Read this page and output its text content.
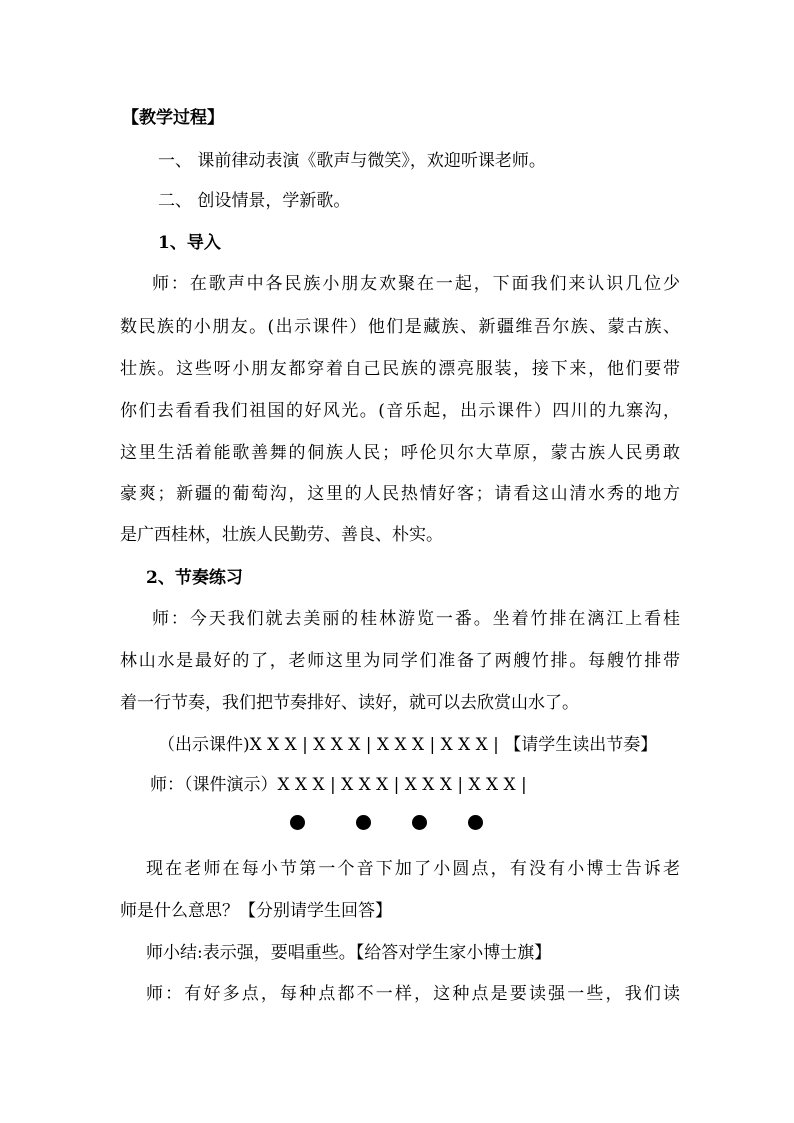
【教学过程】
一、 课前律动表演《歌声与微笑》，欢迎听课老师。
二、 创设情景，学新歌。
1、导入
师：在歌声中各民族小朋友欢聚在一起，下面我们来认识几位少
数民族的小朋友。(出示课件）他们是藏族、新疆维吾尔族、蒙古族、
壮族。这些呀小朋友都穿着自己民族的漂亮服装，接下来，他们要带
你们去看看我们祖国的好风光。(音乐起，出示课件）四川的九寨沟，
这里生活着能歌善舞的侗族人民；呼伦贝尔大草原，蒙古族人民勇敢
豪爽；新疆的葡萄沟，这里的人民热情好客；请看这山清水秀的地方
是广西桂林，壮族人民勤劳、善良、朴实。
2、节奏练习
师：今天我们就去美丽的桂林游览一番。坐着竹排在漓江上看桂
林山水是最好的了，老师这里为同学们准备了两艘竹排。每艘竹排带
着一行节奏，我们把节奏排好、读好，就可以去欣赏山水了。
（出示课件)X X X | X X X | X X X | X X X | 【请学生读出节奏】
师：（课件演示）X X X | X X X | X X X | X X X |
现在老师在每小节第一个音下加了小圆点，有没有小博士告诉老
师是什么意思？【分别请学生回答】
师小结:表示强，要唱重些。【给答对学生家小博士旗】
师：有好多点，每种点都不一样，这种点是要读强一些，我们读
